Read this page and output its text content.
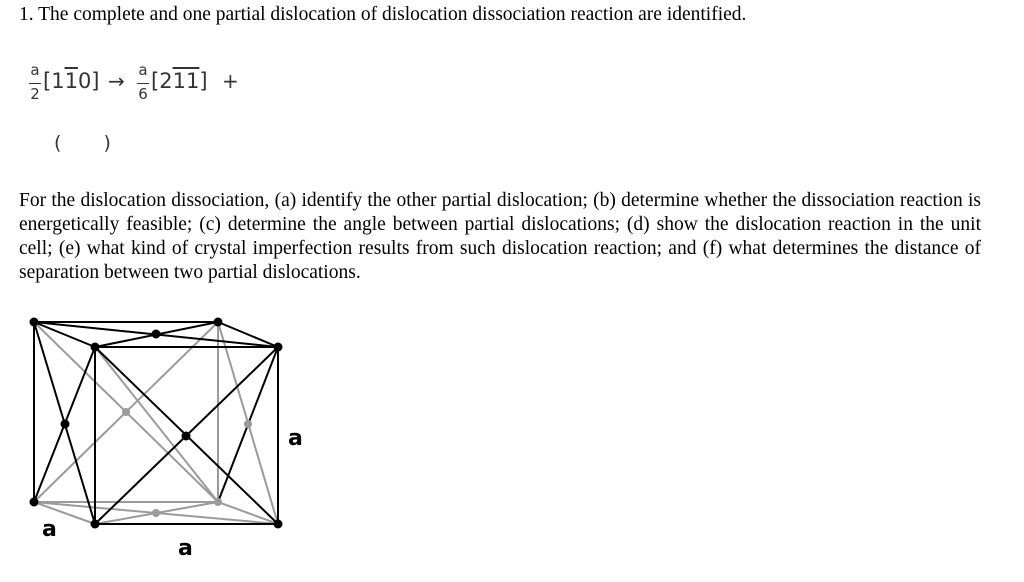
1. The complete and one partial dislocation of dislocation dissociation reaction are identified.
a
2
[110] → a
6
[211] +
( )
For the dislocation dissociation, (a) identify the other partial dislocation; (b) determine whether the dissociation reaction is energetically feasible; (c) determine the angle between partial dislocations; (d) show the dislocation reaction in the unit cell; (e) what kind of crystal imperfection results from such dislocation reaction; and (f) what determines the distance of separation between two partial dislocations.
a
a
a
